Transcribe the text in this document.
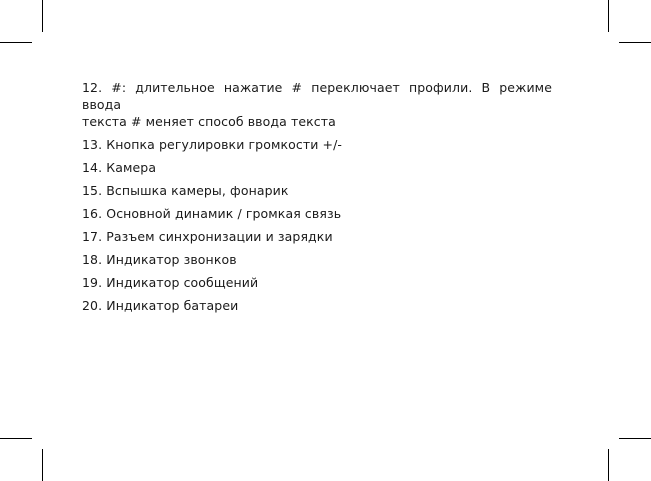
12. #: длительное нажатие # переключает профили. В режиме ввода
текста # меняет способ ввода текста
13. Кнопка регулировки громкости +/-
14. Камера
15. Вспышка камеры, фонарик
16. Основной динамик / громкая связь
17. Разъем синхронизации и зарядки
18. Индикатор звонков
19. Индикатор сообщений
20. Индикатор батареи
